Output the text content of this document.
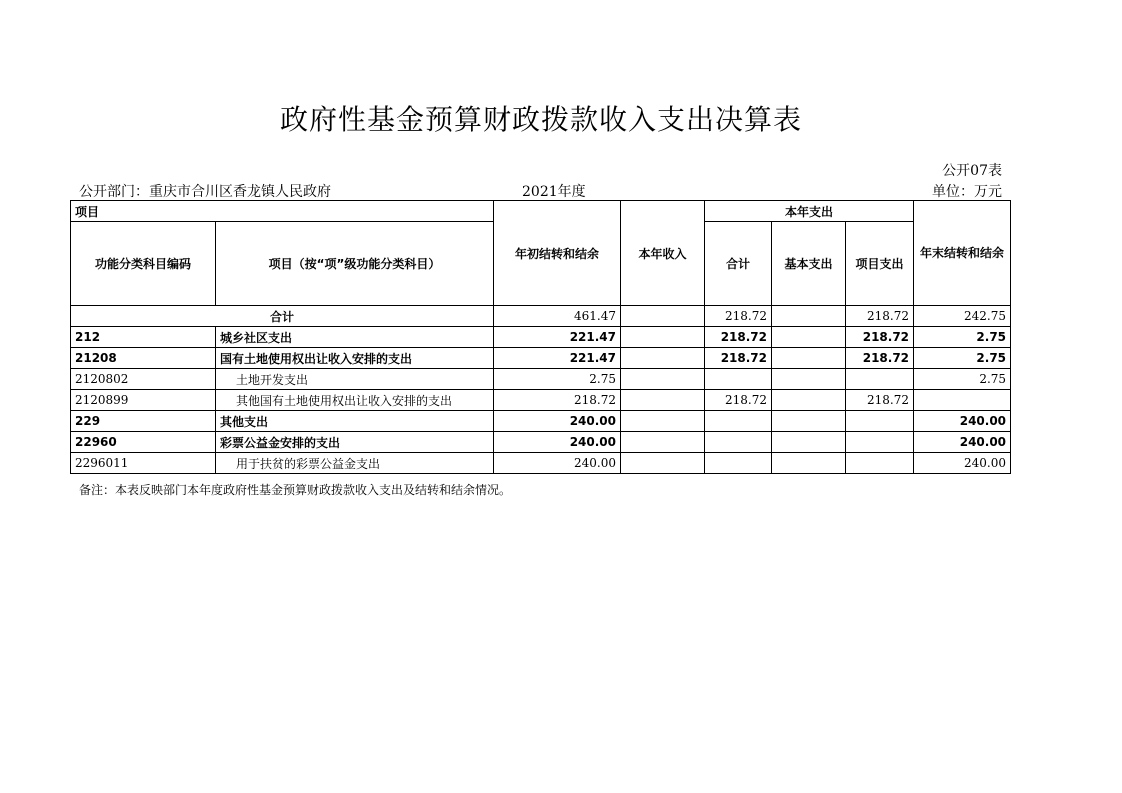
政府性基金预算财政拨款收入支出决算表
公开07表
公开部门：重庆市合川区香龙镇人民政府	2021年度	单位：万元
项目		年初结转和结余	本年收入	本年支出			年末结转和结余
功能分类科目编码	项目（按“项”级功能分类科目）			合计	基本支出	项目支出	
合计		461.47		218.72		218.72	242.75
212	城乡社区支出	221.47		218.72		218.72	2.75
21208	国有土地使用权出让收入安排的支出	221.47		218.72		218.72	2.75
2120802	土地开发支出	2.75					2.75
2120899	其他国有土地使用权出让收入安排的支出	218.72		218.72		218.72	
229	其他支出	240.00					240.00
22960	彩票公益金安排的支出	240.00					240.00
2296011	用于扶贫的彩票公益金支出	240.00					240.00
备注：本表反映部门本年度政府性基金预算财政拨款收入支出及结转和结余情况。
